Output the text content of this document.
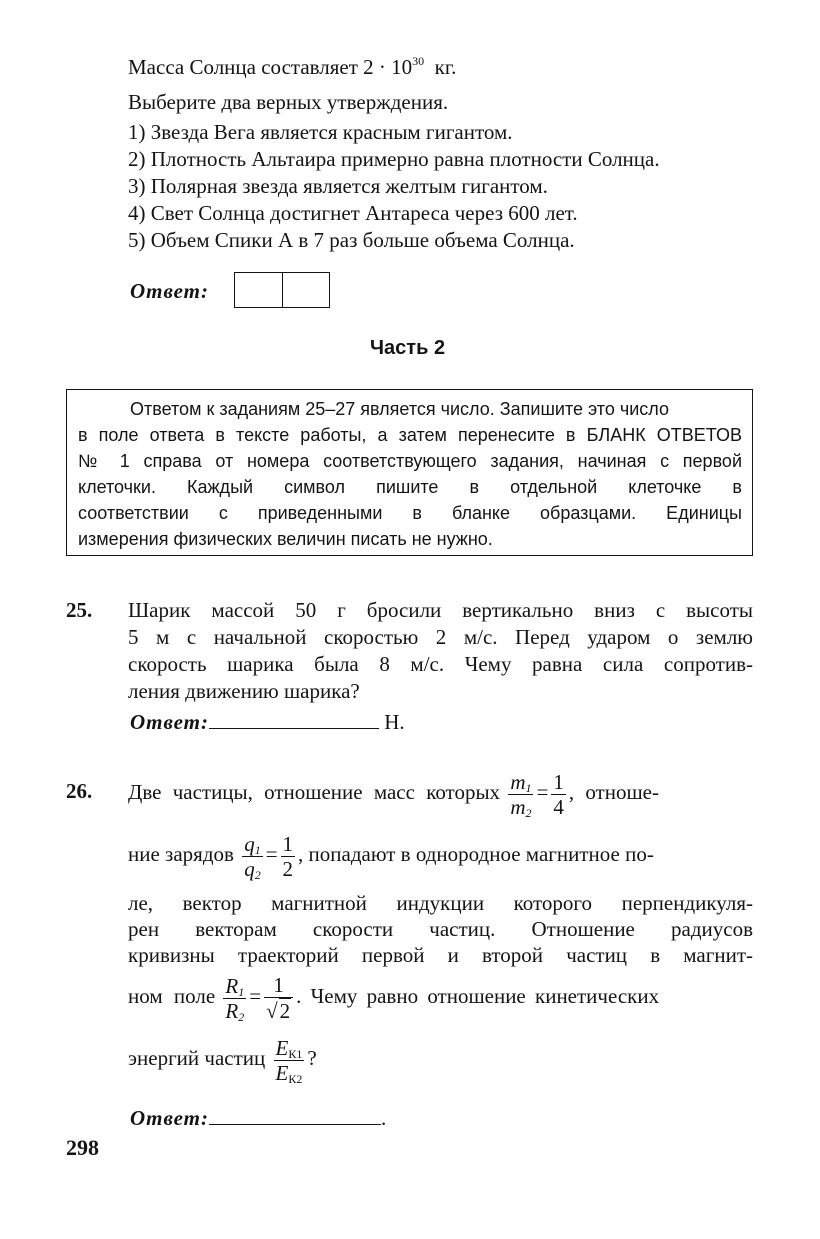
Масса Солнца составляет $2 \cdot 10^{30}$ кг.
Выберите два верных утверждения.
1) Звезда Вега является красным гигантом.
2) Плотность Альтаира примерно равна плотности Солнца.
3) Полярная звезда является желтым гигантом.
4) Свет Солнца достигнет Антареса через 600 лет.
5) Объем Спики А в 7 раз больше объема Солнца.
Ответ:
Часть 2
Ответом к заданиям 25–27 является число. Запишите это число
в поле ответа в тексте работы, а затем перенесите в БЛАНК ОТВЕТОВ
№ 1 справа от номера соответствующего задания, начиная с первой
клеточки. Каждый символ пишите в отдельной клеточке в
соответствии с приведенными в бланке образцами. Единицы
измерения физических величин писать не нужно.
25. Шарик массой 50 г бросили вертикально вниз с высоты
5 м с начальной скоростью 2 м/с. Перед ударом о землю
скорость шарика была 8 м/с. Чему равна сила сопротив-
ления движению шарика?
Ответ:	Н.
26. Две частицы, отношение масс которых $\frac{m_1}{m_2} = \frac{1}{4}$ , отноше-
ние зарядов $\frac{q_1}{q_2} = \frac{1}{2}$ , попадают в однородное магнитное по-
ле, вектор магнитной индукции которого перпендикуля-
рен векторам скорости частиц. Отношение радиусов
кривизны траекторий первой и второй частиц в магнит-
ном поле $\frac{R_1}{R_2} = \frac{1}{√2}$ . Чему равно отношение кинетических
энергий частиц $\frac{E_{К1}}{E_{К2}}$ ?
Ответ:	.
298
